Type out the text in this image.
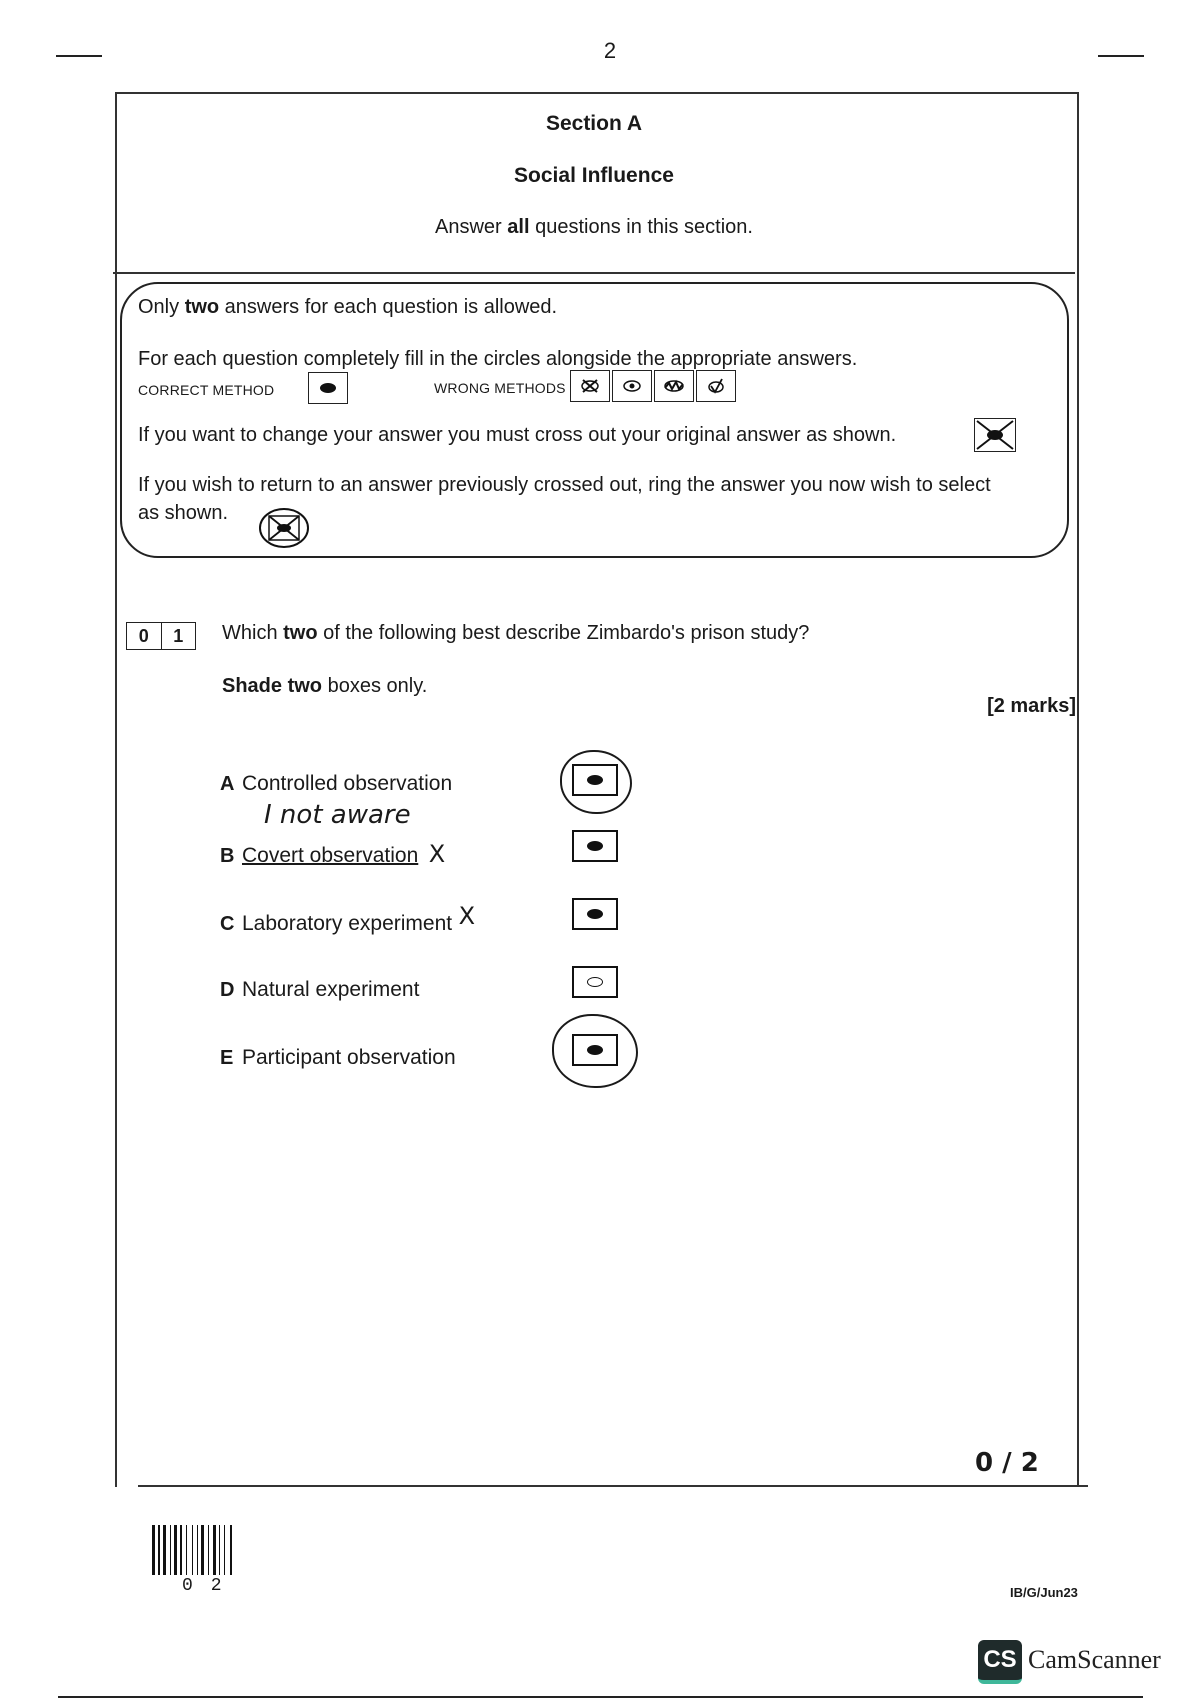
2
Section A
Social Influence
Answer all questions in this section.
Only two answers for each question is allowed.
For each question completely fill in the circles alongside the appropriate answers.
CORRECT METHOD	WRONG METHODS
If you want to change your answer you must cross out your original answer as shown.
If you wish to return to an answer previously crossed out, ring the answer you now wish to select
as shown.
0	1	Which two of the following best describe Zimbardo's prison study?
Shade two boxes only.
[2 marks]
A Controlled observation
I not aware
B Covert observation X
C Laboratory experiment X
D Natural experiment
E Participant observation
0 / 2
02	IB/G/Jun23
CS CamScanner
